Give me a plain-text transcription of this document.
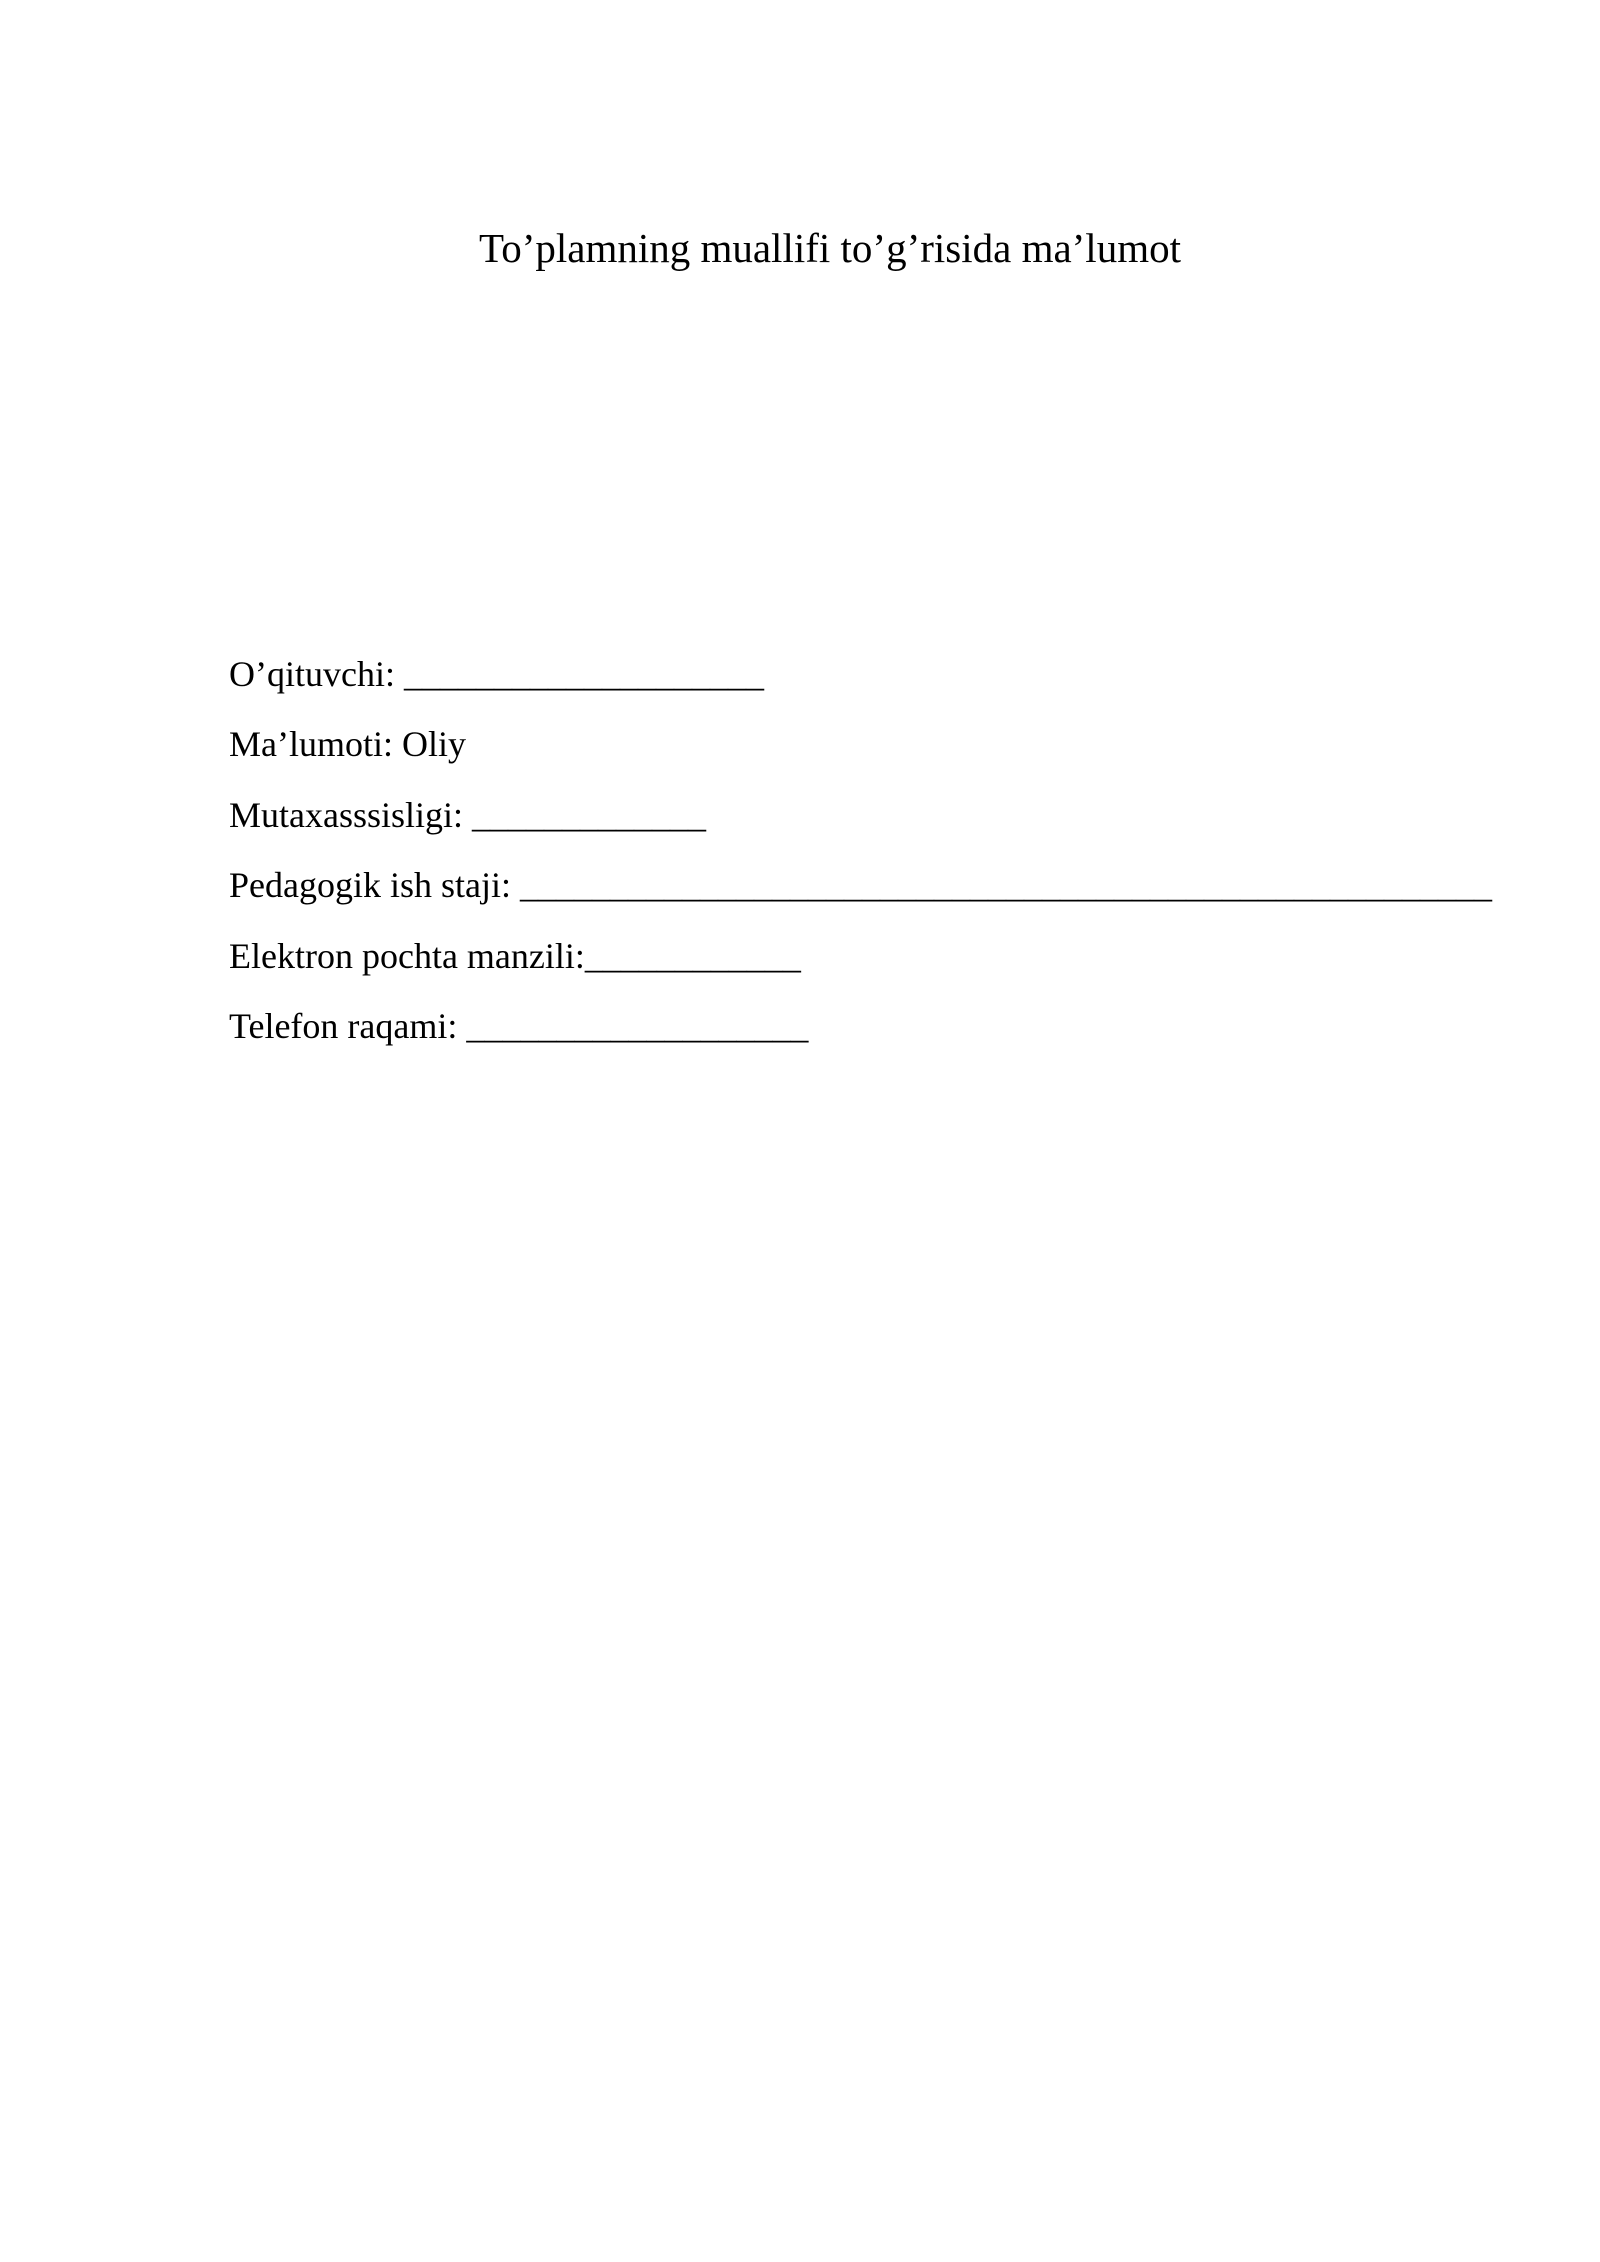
To’plamning muallifi to’g’risida ma’lumot
O’qituvchi: ____________________
Ma’lumoti: Oliy
Mutaxasssisligi: _____________
Pedagogik ish staji: ______________________________________________________
Elektron pochta manzili:____________
Telefon raqami: ___________________
